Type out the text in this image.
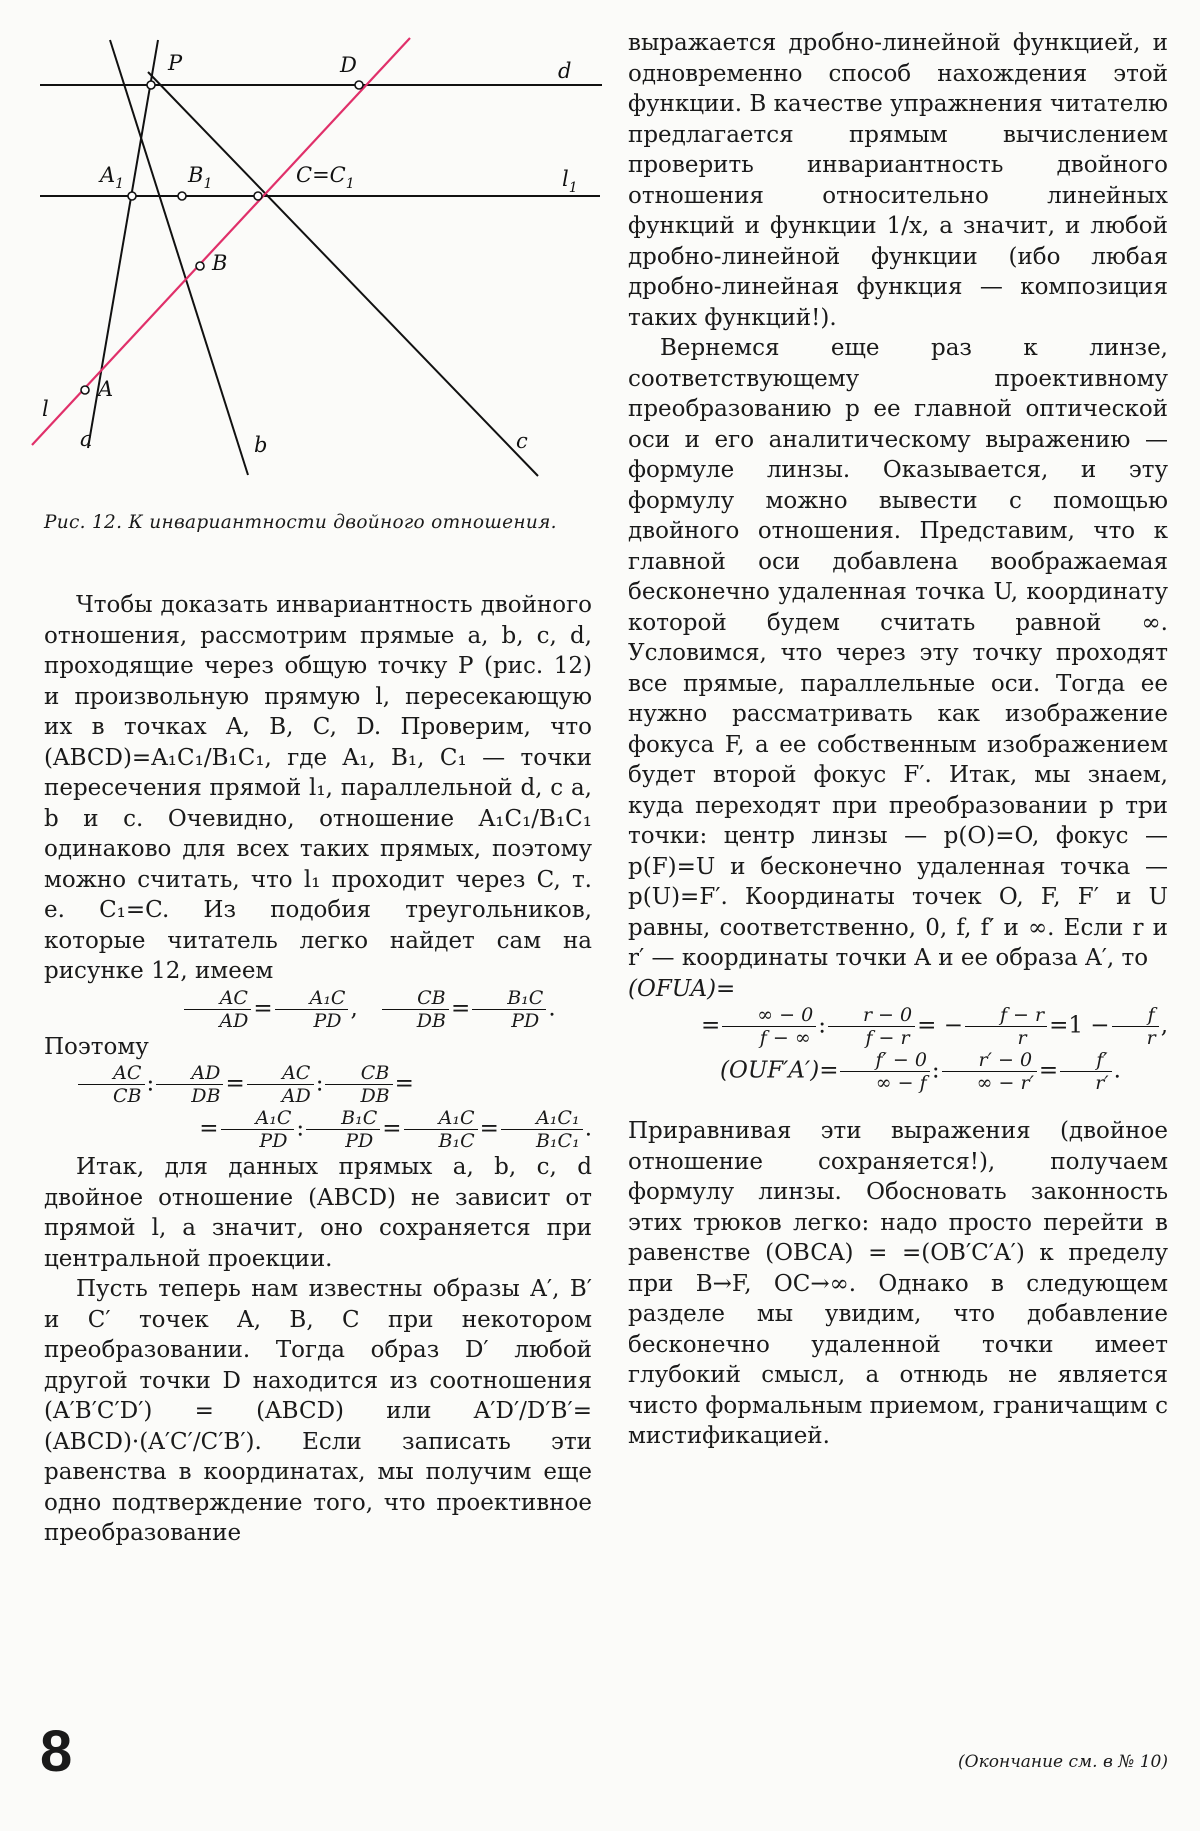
P	D	d
$A_1$	$B_1$	$C=C_1$	$l_1$
B
A
l
a	b	c
Рис. 12. К инвариантности двойного отношения.

Чтобы доказать инвариантность двойного отношения, рассмотрим прямые a, b, c, d, проходящие через общую точку P (рис. 12) и произвольную прямую l, пересекающую их в точках A, B, C, D. Проверим, что (ABCD)=A₁C₁/B₁C₁, где A₁, B₁, C₁ — точки пересечения прямой l₁, параллельной d, с a, b и c. Очевидно, отношение A₁C₁/B₁C₁ одинаково для всех таких прямых, поэтому можно считать, что l₁ проходит через C, т. е. C₁=C. Из подобия треугольников, которые читатель легко найдет сам на рисунке 12, имеем

$\frac{AC}{AD} = \frac{\text{A₁C}}{PD}$ , $\frac{CB}{DB} = \frac{\text{B₁C}}{PD}$ .

Поэтому

$\frac{AC}{CB}$ : $\frac{AD}{DB} = \frac{AC}{AD}$ : $\frac{CB}{DB}$ =

= $\frac{\text{A₁C}}{PD}$ : $\frac{\text{B₁C}}{PD} = \frac{\text{A₁C}}{\text{B₁C}} = \frac{\text{A₁C₁}}{\text{B₁C₁}}$ .

Итак, для данных прямых a, b, c, d двойное отношение (ABCD) не зависит от прямой l, а значит, оно сохраняется при центральной проекции.

Пусть теперь нам известны образы A′, B′ и C′ точек A, B, C при некотором преобразовании. Тогда образ D′ любой другой точки D находится из соотношения (A′B′C′D′) = (ABCD) или A′D′/D′B′=(ABCD)·(A′C′/C′B′). Если записать эти равенства в координатах, мы получим еще одно подтверждение того, что проективное преобразование

выражается дробно-линейной функцией, и одновременно способ нахождения этой функции. В качестве упражнения читателю предлагается прямым вычислением проверить инвариантность двойного отношения относительно линейных функций и функции 1/x, а значит, и любой дробно-линейной функции (ибо любая дробно-линейная функция — композиция таких функций!).

Вернемся еще раз к линзе, соответствующему проективному преобразованию p ее главной оптической оси и его аналитическому выражению — формуле линзы. Оказывается, и эту формулу можно вывести с помощью двойного отношения. Представим, что к главной оси добавлена воображаемая бесконечно удаленная точка U, координату которой будем считать равной ∞. Условимся, что через эту точку проходят все прямые, параллельные оси. Тогда ее нужно рассматривать как изображение фокуса F, а ее собственным изображением будет второй фокус F′. Итак, мы знаем, куда переходят при преобразовании p три точки: центр линзы — p(O)=O, фокус — p(F)=U и бесконечно удаленная точка — p(U)=F′. Координаты точек O, F, F′ и U равны, соответственно, 0, f, f′ и ∞. Если r и r′ — координаты точки A и ее образа A′, то

(OFUA)=

= $\frac{\infty - 0}{f - \infty}$ : $\frac{r - 0}{f - r}$ = − $\frac{f - r}{r} =1 - \frac{f}{r}$ ,

$(OUF'A')= \frac{f' - 0}{\infty - f}$ : $\frac{r' - 0}{\infty - r'} = \frac{f'}{r'}$ .

Приравнивая эти выражения (двойное отношение сохраняется!), получаем формулу линзы. Обосновать законность этих трюков легко: надо просто перейти в равенстве (OBCA) = =(OB′C′A′) к пределу при B→F, OC→∞. Однако в следующем разделе мы увидим, что добавление бесконечно удаленной точки имеет глубокий смысл, а отнюдь не является чисто формальным приемом, граничащим с мистификацией.

8	(Окончание см. в № 10)
